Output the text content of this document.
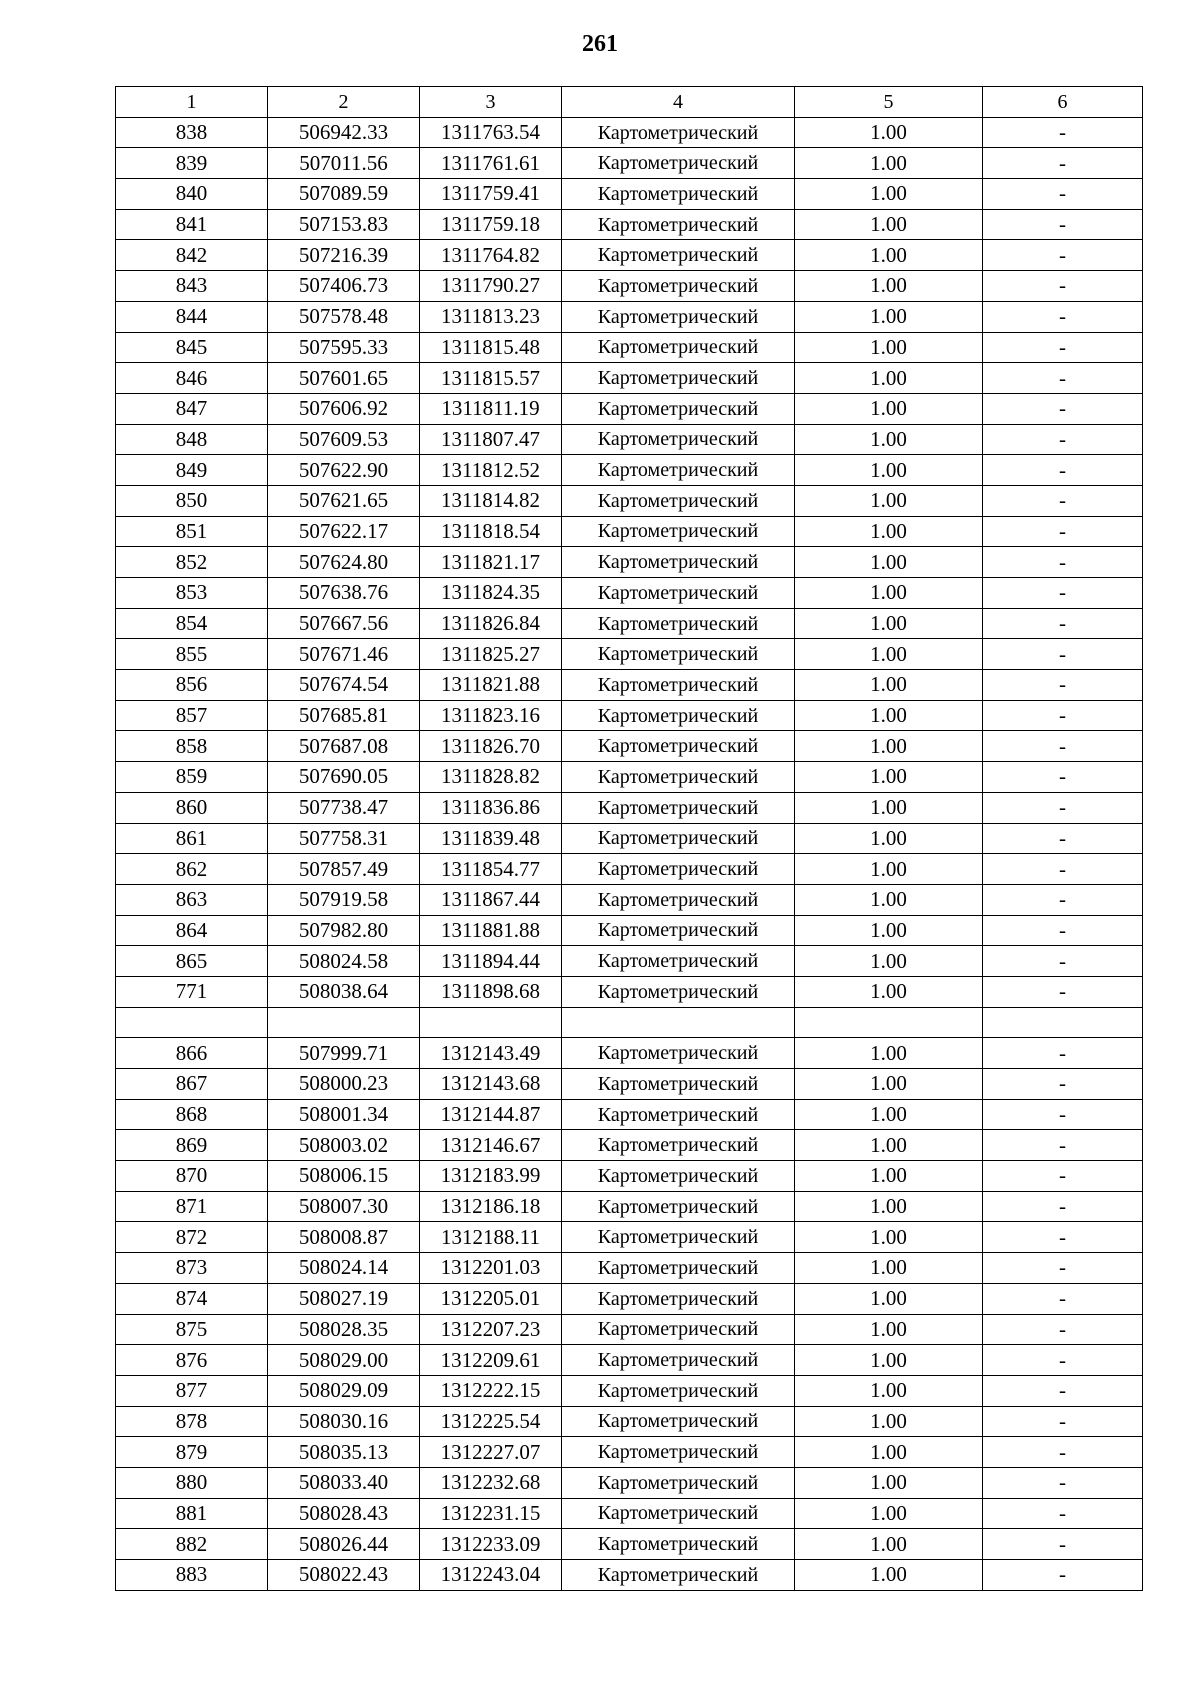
261
1	2	3	4	5	6
838	506942.33	1311763.54	Картометрический	1.00	-
839	507011.56	1311761.61	Картометрический	1.00	-
840	507089.59	1311759.41	Картометрический	1.00	-
841	507153.83	1311759.18	Картометрический	1.00	-
842	507216.39	1311764.82	Картометрический	1.00	-
843	507406.73	1311790.27	Картометрический	1.00	-
844	507578.48	1311813.23	Картометрический	1.00	-
845	507595.33	1311815.48	Картометрический	1.00	-
846	507601.65	1311815.57	Картометрический	1.00	-
847	507606.92	1311811.19	Картометрический	1.00	-
848	507609.53	1311807.47	Картометрический	1.00	-
849	507622.90	1311812.52	Картометрический	1.00	-
850	507621.65	1311814.82	Картометрический	1.00	-
851	507622.17	1311818.54	Картометрический	1.00	-
852	507624.80	1311821.17	Картометрический	1.00	-
853	507638.76	1311824.35	Картометрический	1.00	-
854	507667.56	1311826.84	Картометрический	1.00	-
855	507671.46	1311825.27	Картометрический	1.00	-
856	507674.54	1311821.88	Картометрический	1.00	-
857	507685.81	1311823.16	Картометрический	1.00	-
858	507687.08	1311826.70	Картометрический	1.00	-
859	507690.05	1311828.82	Картометрический	1.00	-
860	507738.47	1311836.86	Картометрический	1.00	-
861	507758.31	1311839.48	Картометрический	1.00	-
862	507857.49	1311854.77	Картометрический	1.00	-
863	507919.58	1311867.44	Картометрический	1.00	-
864	507982.80	1311881.88	Картометрический	1.00	-
865	508024.58	1311894.44	Картометрический	1.00	-
771	508038.64	1311898.68	Картометрический	1.00	-

866	507999.71	1312143.49	Картометрический	1.00	-
867	508000.23	1312143.68	Картометрический	1.00	-
868	508001.34	1312144.87	Картометрический	1.00	-
869	508003.02	1312146.67	Картометрический	1.00	-
870	508006.15	1312183.99	Картометрический	1.00	-
871	508007.30	1312186.18	Картометрический	1.00	-
872	508008.87	1312188.11	Картометрический	1.00	-
873	508024.14	1312201.03	Картометрический	1.00	-
874	508027.19	1312205.01	Картометрический	1.00	-
875	508028.35	1312207.23	Картометрический	1.00	-
876	508029.00	1312209.61	Картометрический	1.00	-
877	508029.09	1312222.15	Картометрический	1.00	-
878	508030.16	1312225.54	Картометрический	1.00	-
879	508035.13	1312227.07	Картометрический	1.00	-
880	508033.40	1312232.68	Картометрический	1.00	-
881	508028.43	1312231.15	Картометрический	1.00	-
882	508026.44	1312233.09	Картометрический	1.00	-
883	508022.43	1312243.04	Картометрический	1.00	-
